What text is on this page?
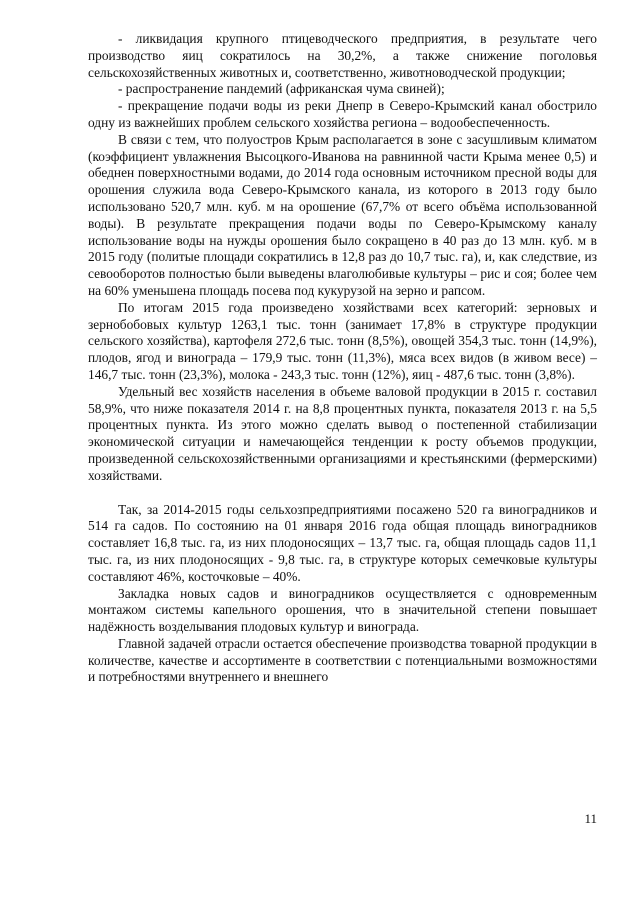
- ликвидация крупного птицеводческого предприятия, в результате чего производство яиц сократилось на 30,2%, а также снижение поголовья сельскохозяйственных животных и, соответственно, животноводческой продукции;

- распространение пандемий (африканская чума свиней);

- прекращение подачи воды из реки Днепр в Северо-Крымский канал обострило одну из важнейших проблем сельского хозяйства региона – водообеспеченность.

В связи с тем, что полуостров Крым располагается в зоне с засушливым климатом (коэффициент увлажнения Высоцкого-Иванова на равнинной части Крыма менее 0,5) и обеднен поверхностными водами, до 2014 года основным источником пресной воды для орошения служила вода Северо-Крымского канала, из которого в 2013 году было использовано 520,7 млн. куб. м на орошение (67,7% от всего объёма использованной воды). В результате прекращения подачи воды по Северо-Крымскому каналу использование воды на нужды орошения было сокращено в 40 раз до 13 млн. куб. м в 2015 году (политые площади сократились в 12,8 раз до 10,7 тыс. га), и, как следствие, из севооборотов полностью были выведены влаголюбивые культуры – рис и соя; более чем на 60% уменьшена площадь посева под кукурузой на зерно и рапсом.

По итогам 2015 года произведено хозяйствами всех категорий: зерновых и зернобобовых культур 1263,1 тыс. тонн (занимает 17,8% в структуре продукции сельского хозяйства), картофеля 272,6 тыс. тонн (8,5%), овощей 354,3 тыс. тонн (14,9%), плодов, ягод и винограда – 179,9 тыс. тонн (11,3%), мяса всех видов (в живом весе) – 146,7 тыс. тонн (23,3%), молока - 243,3 тыс. тонн (12%), яиц - 487,6 тыс. тонн (3,8%).

Удельный вес хозяйств населения в объеме валовой продукции в 2015 г. составил 58,9%, что ниже показателя 2014 г. на 8,8 процентных пункта, показателя 2013 г. на 5,5 процентных пункта. Из этого можно сделать вывод о постепенной стабилизации экономической ситуации и намечающейся тенденции к росту объемов продукции, произведенной сельскохозяйственными организациями и крестьянскими (фермерскими) хозяйствами.

Так, за 2014-2015 годы сельхозпредприятиями посажено 520 га виноградников и 514 га садов. По состоянию на 01 января 2016 года общая площадь виноградников составляет 16,8 тыс. га, из них плодоносящих – 13,7 тыс. га, общая площадь садов 11,1 тыс. га, из них плодоносящих - 9,8 тыс. га, в структуре которых семечковые культуры составляют 46%, косточковые – 40%.

Закладка новых садов и виноградников осуществляется с одновременным монтажом системы капельного орошения, что в значительной степени повышает надёжность возделывания плодовых культур и винограда.

Главной задачей отрасли остается обеспечение производства товарной продукции в количестве, качестве и ассортименте в соответствии с потенциальными возможностями и потребностями внутреннего и внешнего

11
